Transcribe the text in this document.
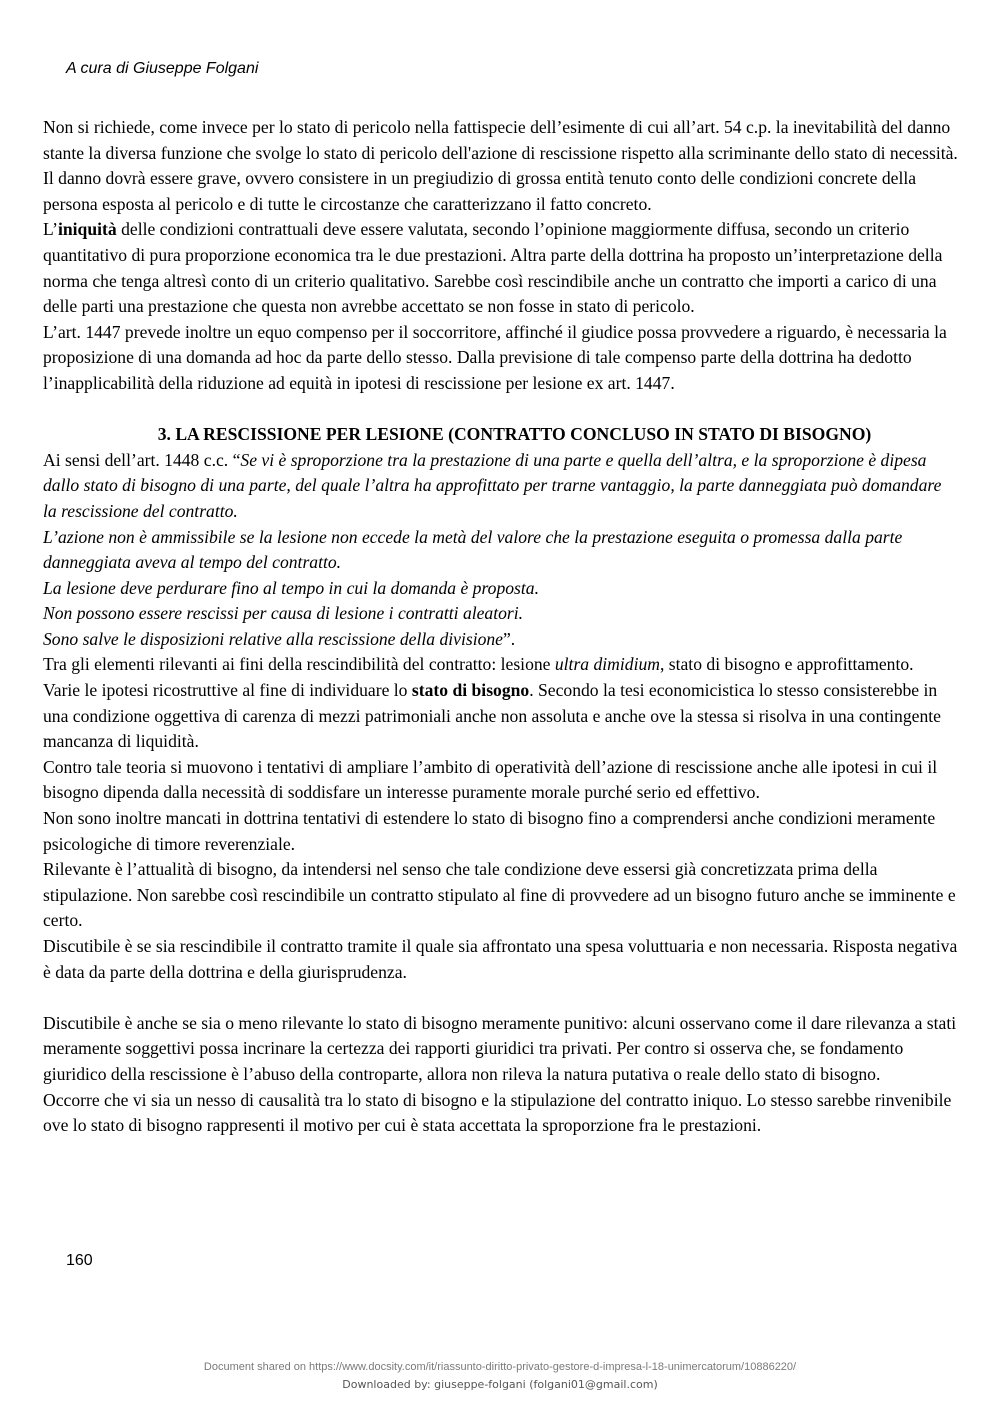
A cura di Giuseppe Folgani

Non si richiede, come invece per lo stato di pericolo nella fattispecie dell’esimente di cui all’art. 54 c.p. la inevitabilità del danno stante la diversa funzione che svolge lo stato di pericolo dell'azione di rescissione rispetto alla scriminante dello stato di necessità.

Il danno dovrà essere grave, ovvero consistere in un pregiudizio di grossa entità tenuto conto delle condizioni concrete della persona esposta al pericolo e di tutte le circostanze che caratterizzano il fatto concreto.

L’iniquità delle condizioni contrattuali deve essere valutata, secondo l’opinione maggiormente diffusa, secondo un criterio quantitativo di pura proporzione economica tra le due prestazioni. Altra parte della dottrina ha proposto un’interpretazione della norma che tenga altresì conto di un criterio qualitativo. Sarebbe così rescindibile anche un contratto che importi a carico di una delle parti una prestazione che questa non avrebbe accettato se non fosse in stato di pericolo.

L’art. 1447 prevede inoltre un equo compenso per il soccorritore, affinché il giudice possa provvedere a riguardo, è necessaria la proposizione di una domanda ad hoc da parte dello stesso. Dalla previsione di tale compenso parte della dottrina ha dedotto l’inapplicabilità della riduzione ad equità in ipotesi di rescissione per lesione ex art. 1447.

3. LA RESCISSIONE PER LESIONE (CONTRATTO CONCLUSO IN STATO DI BISOGNO)

Ai sensi dell’art. 1448 c.c. “Se vi è sproporzione tra la prestazione di una parte e quella dell’altra, e la sproporzione è dipesa dallo stato di bisogno di una parte, del quale l’altra ha approfittato per trarne vantaggio, la parte danneggiata può domandare la rescissione del contratto.

L’azione non è ammissibile se la lesione non eccede la metà del valore che la prestazione eseguita o promessa dalla parte danneggiata aveva al tempo del contratto.

La lesione deve perdurare fino al tempo in cui la domanda è proposta.

Non possono essere rescissi per causa di lesione i contratti aleatori.

Sono salve le disposizioni relative alla rescissione della divisione”.

Tra gli elementi rilevanti ai fini della rescindibilità del contratto: lesione ultra dimidium, stato di bisogno e approfittamento.

Varie le ipotesi ricostruttive al fine di individuare lo stato di bisogno. Secondo la tesi economicistica lo stesso consisterebbe in una condizione oggettiva di carenza di mezzi patrimoniali anche non assoluta e anche ove la stessa si risolva in una contingente mancanza di liquidità.

Contro tale teoria si muovono i tentativi di ampliare l’ambito di operatività dell’azione di rescissione anche alle ipotesi in cui il bisogno dipenda dalla necessità di soddisfare un interesse puramente morale purché serio ed effettivo.

Non sono inoltre mancati in dottrina tentativi di estendere lo stato di bisogno fino a comprendersi anche condizioni meramente psicologiche di timore reverenziale.

Rilevante è l’attualità di bisogno, da intendersi nel senso che tale condizione deve essersi già concretizzata prima della stipulazione. Non sarebbe così rescindibile un contratto stipulato al fine di provvedere ad un bisogno futuro anche se imminente e certo.

Discutibile è se sia rescindibile il contratto tramite il quale sia affrontato una spesa voluttuaria e non necessaria. Risposta negativa è data da parte della dottrina e della giurisprudenza.

Discutibile è anche se sia o meno rilevante lo stato di bisogno meramente punitivo: alcuni osservano come il dare rilevanza a stati meramente soggettivi possa incrinare la certezza dei rapporti giuridici tra privati. Per contro si osserva che, se fondamento giuridico della rescissione è l’abuso della controparte, allora non rileva la natura putativa o reale dello stato di bisogno.

Occorre che vi sia un nesso di causalità tra lo stato di bisogno e la stipulazione del contratto iniquo. Lo stesso sarebbe rinvenibile ove lo stato di bisogno rappresenti il motivo per cui è stata accettata la sproporzione fra le prestazioni.

160
Document shared on https://www.docsity.com/it/riassunto-diritto-privato-gestore-d-impresa-l-18-unimercatorum/10886220/
Downloaded by: giuseppe-folgani (folgani01@gmail.com)
